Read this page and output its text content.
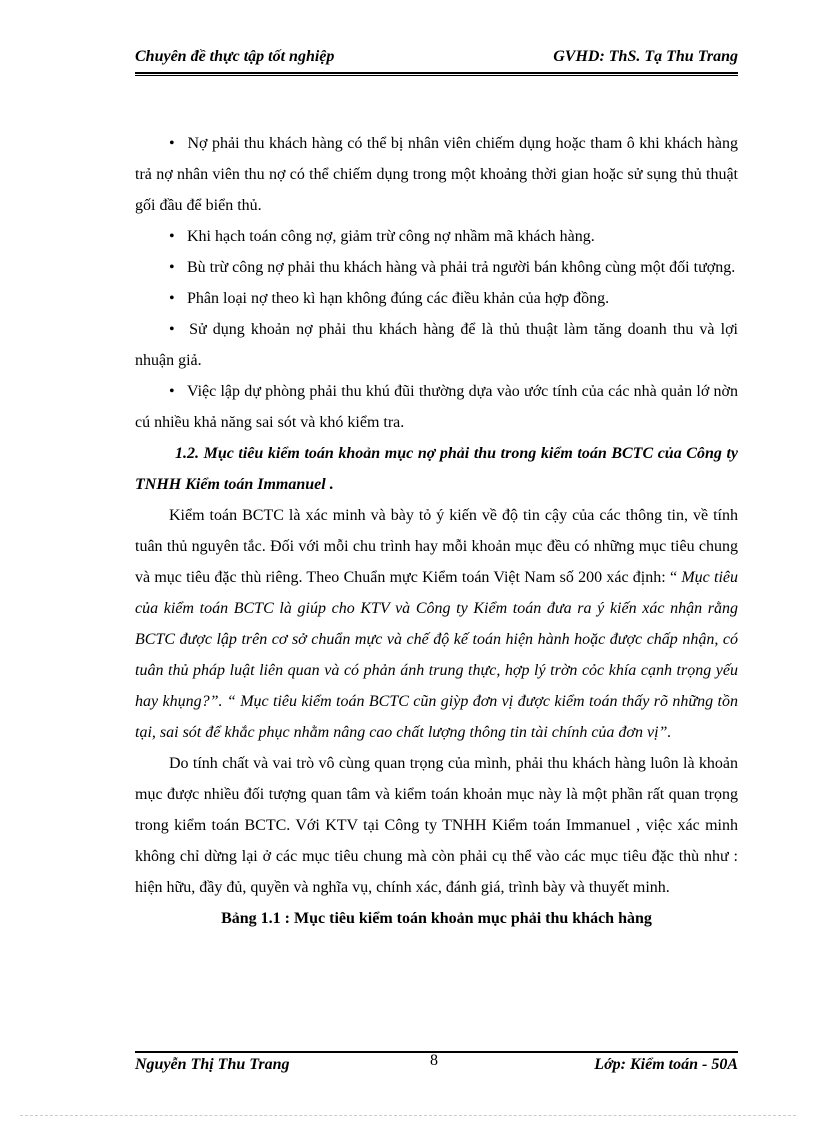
Chuyên đề thực tập tốt nghiệp	GVHD: ThS. Tạ Thu Trang

• Nợ phải thu khách hàng có thể bị nhân viên chiếm dụng hoặc tham ô khi khách hàng trả nợ nhân viên thu nợ có thể chiếm dụng trong một khoảng thời gian hoặc sử sụng thủ thuật gối đầu để biển thủ.

• Khi hạch toán công nợ, giảm trừ công nợ nhầm mã khách hàng.

• Bù trừ công nợ phải thu khách hàng và phải trả người bán không cùng một đối tượng.

• Phân loại nợ theo kì hạn không đúng các điều khản của hợp đồng.

• Sử dụng khoản nợ phải thu khách hàng để là thủ thuật làm tăng doanh thu và lợi nhuận giả.

• Việc lập dự phòng phải thu khú đũi thường dựa vào ước tính của các nhà quản lớ nờn cú nhiều khả năng sai sót và khó kiểm tra.

1.2. Mục tiêu kiểm toán khoản mục nợ phải thu trong kiểm toán BCTC của Công ty TNHH Kiểm toán Immanuel .

Kiểm toán BCTC là xác minh và bày tỏ ý kiến về độ tin cậy của các thông tin, về tính tuân thủ nguyên tắc. Đối với mỗi chu trình hay mỗi khoản mục đều có những mục tiêu chung và mục tiêu đặc thù riêng. Theo Chuẩn mực Kiểm toán Việt Nam số 200 xác định: “ Mục tiêu của kiểm toán BCTC là giúp cho KTV và Công ty Kiểm toán đưa ra ý kiến xác nhận rằng BCTC được lập trên cơ sở chuẩn mực và chế độ kế toán hiện hành hoặc được chấp nhận, có tuân thủ pháp luật liên quan và có phản ánh trung thực, hợp lý trờn cỏc khía cạnh trọng yếu hay khụng?”. “ Mục tiêu kiểm toán BCTC cũn giỳp đơn vị được kiểm toán thấy rõ những tồn tại, sai sót để khắc phục nhằm nâng cao chất lượng thông tin tài chính của đơn vị”.

Do tính chất và vai trò vô cùng quan trọng của mình, phải thu khách hàng luôn là khoản mục được nhiều đối tượng quan tâm và kiểm toán khoản mục này là một phần rất quan trọng trong kiểm toán BCTC. Với KTV tại Công ty TNHH Kiểm toán Immanuel , việc xác minh không chỉ dừng lại ở các mục tiêu chung mà còn phải cụ thể vào các mục tiêu đặc thù như : hiện hữu, đầy đủ, quyền và nghĩa vụ, chính xác, đánh giá, trình bày và thuyết minh.

Bảng 1.1 : Mục tiêu kiểm toán khoản mục phải thu khách hàng

Nguyễn Thị Thu Trang	8	Lớp: Kiểm toán - 50A
